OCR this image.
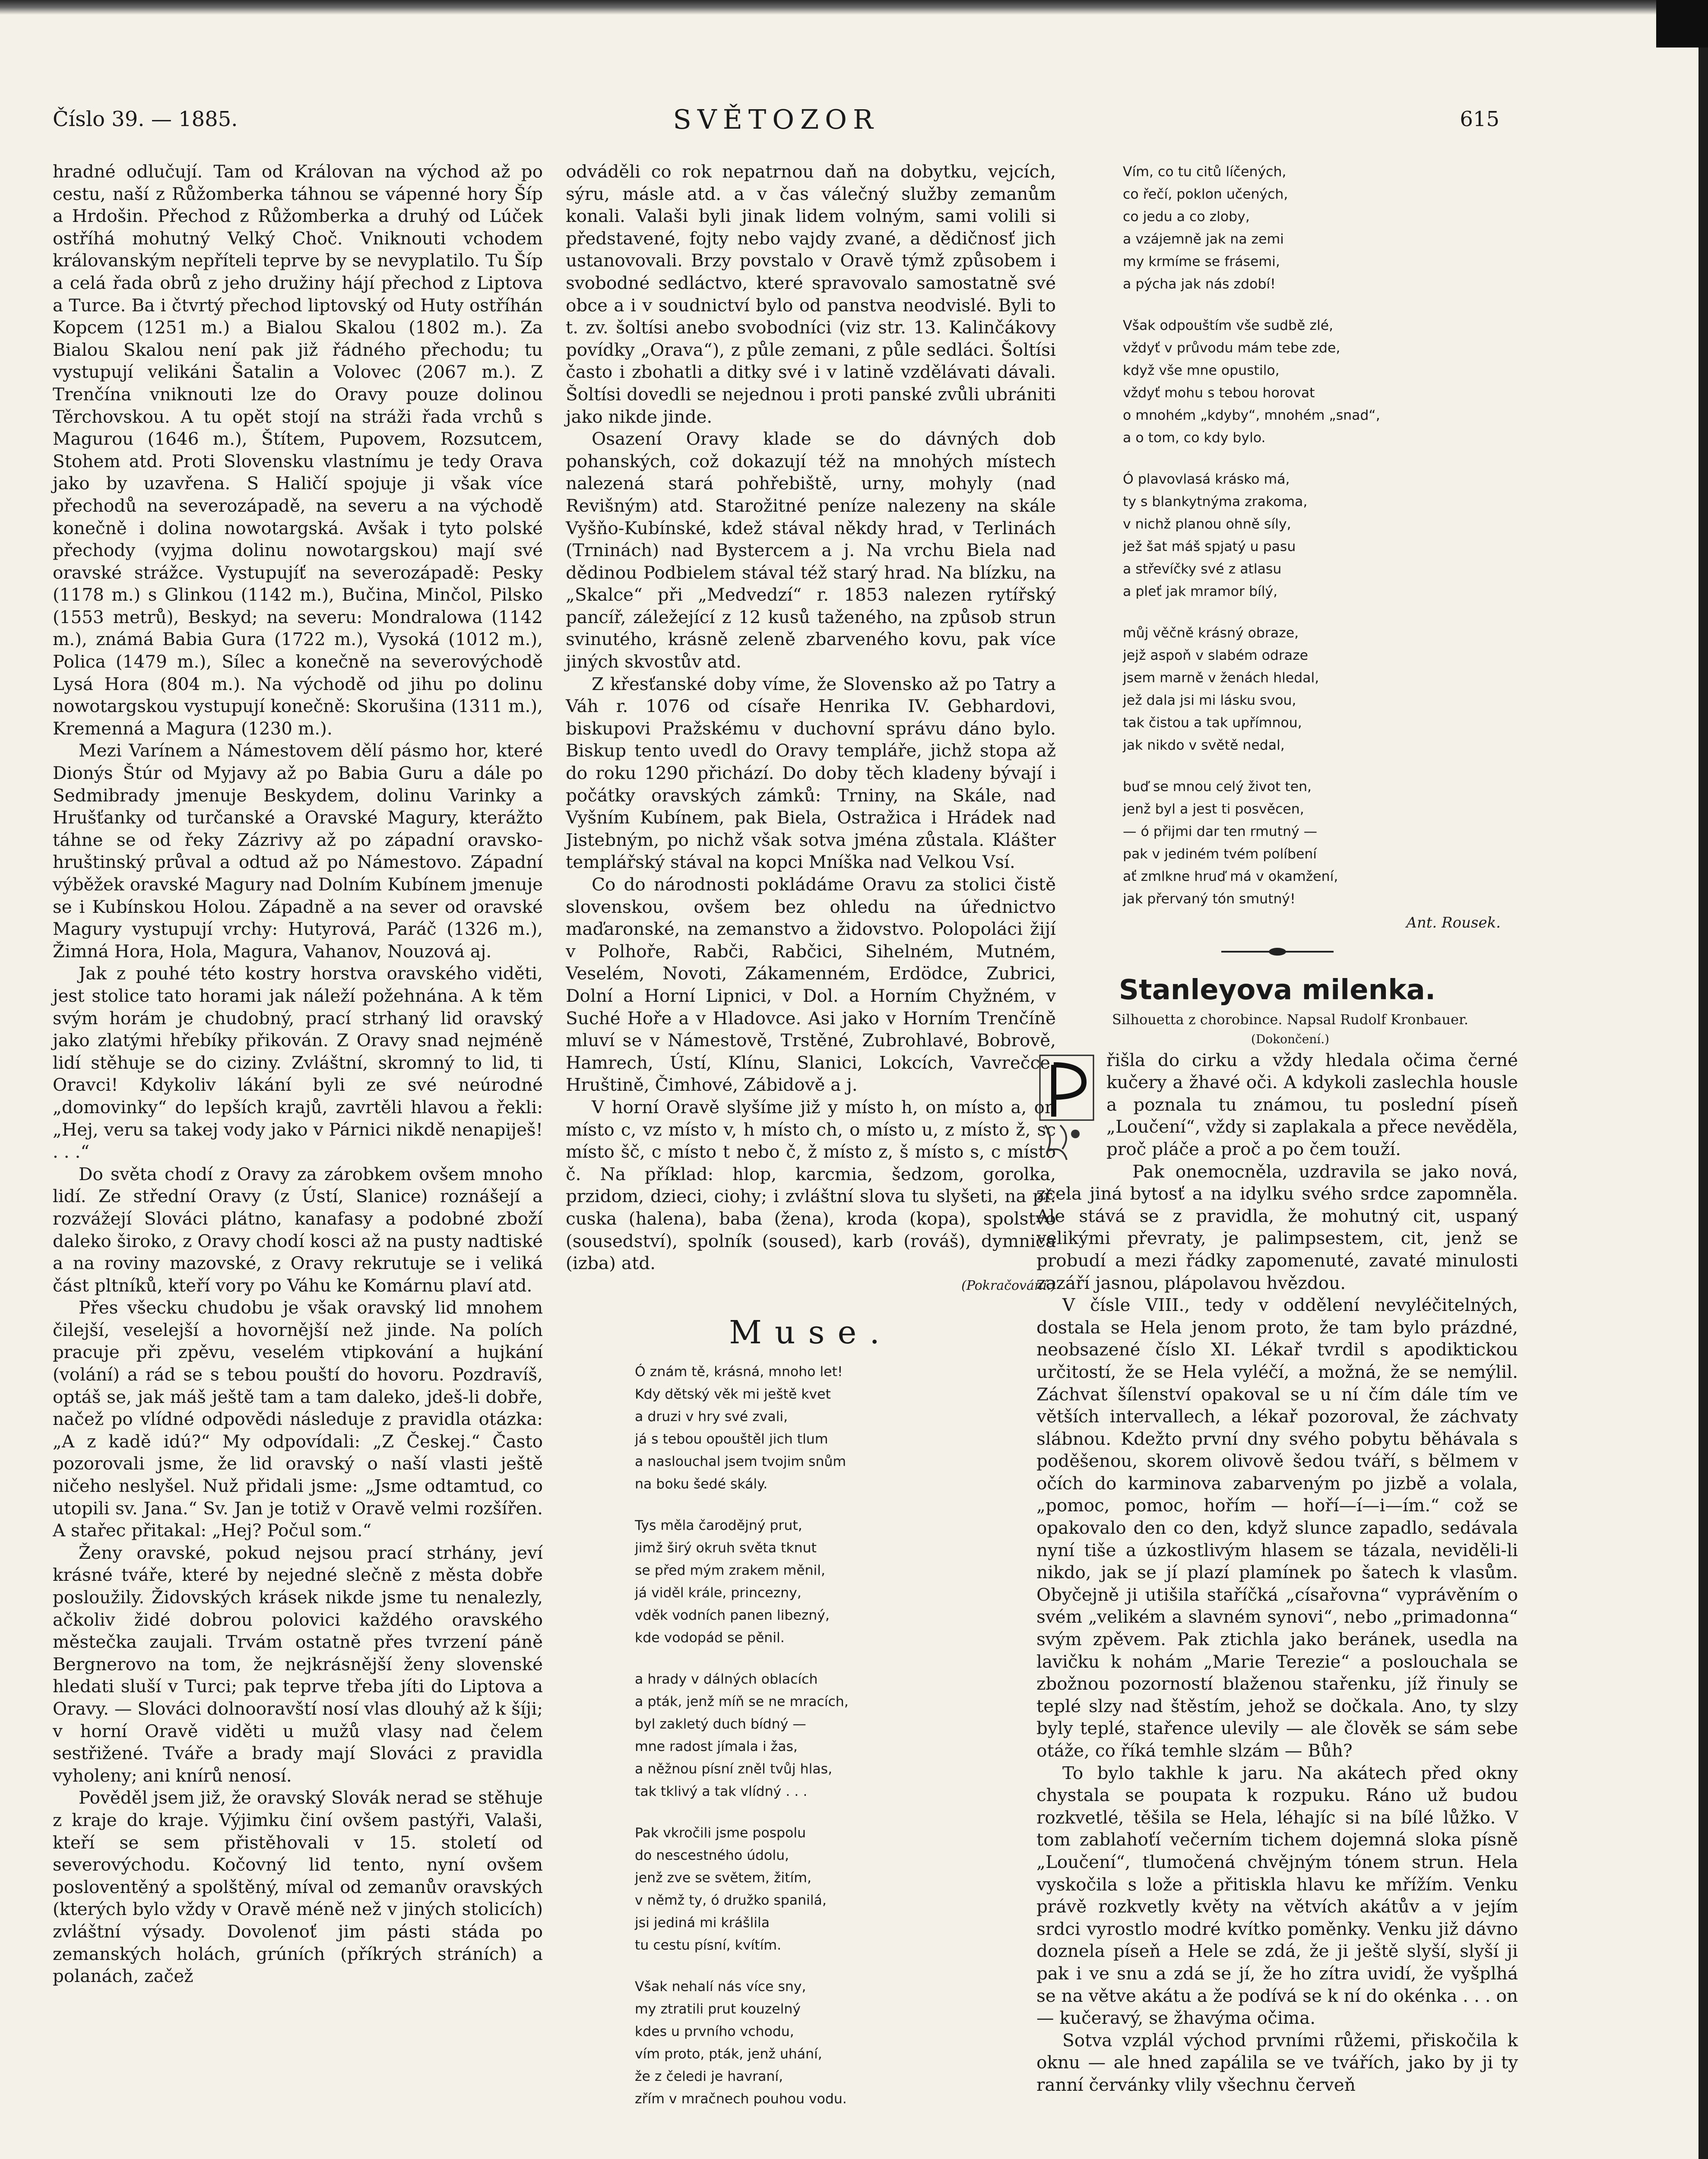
Číslo 39. — 1885.	SVĚTOZOR	615

hradné odlučují. Tam od Královan na východ až po cestu, naší z Růžomberka táhnou se vápenné hory Šíp a Hrdošin. Přechod z Růžomberka a druhý od Lúček ostříhá mohutný Velký Choč. Vniknouti vchodem královanským nepříteli teprve by se nevyplatilo. Tu Šíp a celá řada obrů z jeho družiny hájí přechod z Liptova a Turce. Ba i čtvrtý přechod liptovský od Huty ostříhán Kopcem (1251 m.) a Bialou Skalou (1802 m.). Za Bialou Skalou není pak již řádného přechodu; tu vystupují velikáni Šatalin a Volovec (2067 m.). Z Trenčína vniknouti lze do Oravy pouze dolinou Těrchovskou. A tu opět stojí na stráži řada vrchů s Magurou (1646 m.), Štítem, Pupovem, Rozsutcem, Stohem atd. Proti Slovensku vlastnímu je tedy Orava jako by uzavřena. S Haličí spojuje ji však více přechodů na severozápadě, na severu a na východě konečně i dolina nowotargská. Avšak i tyto polské přechody (vyjma dolinu nowotargskou) mají své oravské strážce. Vystupujíť na severozápadě: Pesky (1178 m.) s Glinkou (1142 m.), Bučina, Minčol, Pilsko (1553 metrů), Beskyd; na severu: Mondralowa (1142 m.), známá Babia Gura (1722 m.), Vysoká (1012 m.), Polica (1479 m.), Sílec a konečně na severovýchodě Lysá Hora (804 m.). Na východě od jihu po dolinu nowotargskou vystupují konečně: Skorušina (1311 m.), Kremenná a Magura (1230 m.).

Mezi Varínem a Námestovem dělí pásmo hor, které Dionýs Štúr od Myjavy až po Babia Guru a dále po Sedmibrady jmenuje Beskydem, dolinu Varinky a Hrušťanky od turčanské a Oravské Magury, kterážto táhne se od řeky Zázrivy až po západní oravsko-hruštinský průval a odtud až po Námestovo. Západní výběžek oravské Magury nad Dolním Kubínem jmenuje se i Kubínskou Holou. Západně a na sever od oravské Magury vystupují vrchy: Hutyrová, Paráč (1326 m.), Žimná Hora, Hola, Magura, Vahanov, Nouzová aj.

Jak z pouhé této kostry horstva oravského viděti, jest stolice tato horami jak náleží požehnána. A k těm svým horám je chudobný, prací strhaný lid oravský jako zlatými hřebíky přikován. Z Oravy snad nejméně lidí stěhuje se do ciziny. Zvláštní, skromný to lid, ti Oravci! Kdykoliv lákání byli ze své neúrodné „domovinky“ do lepších krajů, zavrtěli hlavou a řekli: „Hej, veru sa takej vody jako v Párnici nikdě nenapiješ! . . .“

Do světa chodí z Oravy za zárobkem ovšem mnoho lidí. Ze střední Oravy (z Ústí, Slanice) roznášejí a rozvážejí Slováci plátno, kanafasy a podobné zboží daleko široko, z Oravy chodí kosci až na pusty nadtiské a na roviny mazovské, z Oravy rekrutuje se i veliká část pltníků, kteří vory po Váhu ke Komárnu plaví atd.

Přes všecku chudobu je však oravský lid mnohem čilejší, veselejší a hovornější než jinde. Na polích pracuje při zpěvu, veselém vtipkování a hujkání (volání) a rád se s tebou pouští do hovoru. Pozdravíš, optáš se, jak máš ještě tam a tam daleko, jdeš-li dobře, načež po vlídné odpovědi následuje z pravidla otázka: „A z kadě idú?“ My odpovídali: „Z Českej.“ Často pozorovali jsme, že lid oravský o naší vlasti ještě ničeho neslyšel. Nuž přidali jsme: „Jsme odtamtud, co utopili sv. Jana.“ Sv. Jan je totiž v Oravě velmi rozšířen. A stařec přitakal: „Hej? Počul som.“

Ženy oravské, pokud nejsou prací strhány, jeví krásné tváře, které by nejedné slečně z města dobře posloužily. Židovských krásek nikde jsme tu nenalezly, ačkoliv židé dobrou polovici každého oravského městečka zaujali. Trvám ostatně přes tvrzení páně Bergnerovo na tom, že nejkrásnější ženy slovenské hledati sluší v Turci; pak teprve třeba jíti do Liptova a Oravy. — Slováci dolnooravští nosí vlas dlouhý až k šíji; v horní Oravě viděti u mužů vlasy nad čelem sestřižené. Tváře a brady mají Slováci z pravidla vyholeny; ani knírů nenosí.

Pověděl jsem již, že oravský Slovák nerad se stěhuje z kraje do kraje. Výjimku činí ovšem pastýři, Valaši, kteří se sem přistěhovali v 15. století od severovýchodu. Kočovný lid tento, nyní ovšem posloventěný a spolštěný, míval od zemanův oravských (kterých bylo vždy v Oravě méně než v jiných stolicích) zvláštní výsady. Dovolenoť jim pásti stáda po zemanských holách, grúních (příkrých stráních) a polanách, začež

odváděli co rok nepatrnou daň na dobytku, vejcích, sýru, másle atd. a v čas válečný služby zemanům konali. Valaši byli jinak lidem volným, sami volili si představené, fojty nebo vajdy zvané, a dědičnosť jich ustanovovali. Brzy povstalo v Oravě týmž způsobem i svobodné sedláctvo, které spravovalo samostatně své obce a i v soudnictví bylo od panstva neodvislé. Byli to t. zv. šoltísi anebo svobodníci (viz str. 13. Kalinčákovy povídky „Orava“), z půle zemani, z půle sedláci. Šoltísi často i zbohatli a ditky své i v latině vzdělávati dávali. Šoltísi dovedli se nejednou i proti panské zvůli ubrániti jako nikde jinde.

Osazení Oravy klade se do dávných dob pohanských, což dokazují též na mnohých místech nalezená stará pohřebiště, urny, mohyly (nad Revišným) atd. Starožitné peníze nalezeny na skále Vyšňo-Kubínské, kdež stával někdy hrad, v Terlinách (Trninách) nad Bystercem a j. Na vrchu Biela nad dědinou Podbielem stával též starý hrad. Na blízku, na „Skalce“ při „Medvedzí“ r. 1853 nalezen rytířský pancíř, záležející z 12 kusů taženého, na způsob strun svinutého, krásně zeleně zbarveného kovu, pak více jiných skvostův atd.

Z křesťanské doby víme, že Slovensko až po Tatry a Váh r. 1076 od císaře Henrika IV. Gebhardovi, biskupovi Pražskému v duchovní správu dáno bylo. Biskup tento uvedl do Oravy templáře, jichž stopa až do roku 1290 přichází. Do doby těch kladeny bývají i počátky oravských zámků: Trniny, na Skále, nad Vyšním Kubínem, pak Biela, Ostražica i Hrádek nad Jistebným, po nichž však sotva jména zůstala. Klášter templářský stával na kopci Mníška nad Velkou Vsí.

Co do národnosti pokládáme Oravu za stolici čistě slovenskou, ovšem bez ohledu na úřednictvo maďaronské, na zemanstvo a židovstvo. Polopoláci žijí v Polhoře, Rabči, Rabčici, Sihelném, Mutném, Veselém, Novoti, Zákamenném, Erdödce, Zubrici, Dolní a Horní Lipnici, v Dol. a Horním Chyžném, v Suché Hoře a v Hladovce. Asi jako v Horním Trenčíně mluví se v Námestově, Trstěné, Zubrohlavé, Bobrově, Hamrech, Ústí, Klínu, Slanici, Lokcích, Vavrečce, Hruštině, Čimhové, Zábidově a j.

V horní Oravě slyšíme již y místo h, on místo a, on místo c, vz místo v, h místo ch, o místo u, z místo ž, sc místo šč, c místo t nebo č, ž místo z, š místo s, c místo č. Na příklad: hlop, karcmia, šedzom, gorolka, przidom, dzieci, ciohy; i zvláštní slova tu slyšeti, na př. cuska (halena), baba (žena), kroda (kopa), spolstvo (sousedství), spolník (soused), karb (rováš), dymnica (izba) atd.

(Pokračování.)

Muse.
Ó znám tě, krásná, mnoho let!
Kdy dětský věk mi ještě kvet
a druzi v hry své zvali,
já s tebou opouštěl jich tlum
a naslouchal jsem tvojim snům
na boku šedé skály.
Tys měla čarodějný prut,
jimž širý okruh světa tknut
se před mým zrakem měnil,
já viděl krále, princezny,
vděk vodních panen libezný,
kde vodopád se pěnil.
a hrady v dálných oblacích
a pták, jenž míň se ne mracích,
byl zakletý duch bídný —
mne radost jímala i žas,
a něžnou písní zněl tvůj hlas,
tak tklivý a tak vlídný . . .
Pak vkročili jsme pospolu
do nescestného údolu,
jenž zve se světem, žitím,
v němž ty, ó družko spanilá,
jsi jediná mi krášlila
tu cestu písní, kvítím.
Však nehalí nás více sny,
my ztratili prut kouzelný
kdes u prvního vchodu,
vím proto, pták, jenž uhání,
že z čeledi je havraní,
zřím v mračnech pouhou vodu.
Vím, co tu citů líčených,
co řečí, poklon učených,
co jedu a co zloby,
a vzájemně jak na zemi
my krmíme se frásemi,
a pýcha jak nás zdobí!
Však odpouštím vše sudbě zlé,
vždyť v průvodu mám tebe zde,
když vše mne opustilo,
vždyť mohu s tebou horovat
o mnohém „kdyby“, mnohém „snad“,
a o tom, co kdy bylo.
Ó plavovlasá krásko má,
ty s blankytnýma zrakoma,
v nichž planou ohně síly,
jež šat máš spjatý u pasu
a střevíčky své z atlasu
a pleť jak mramor bílý,
můj věčně krásný obraze,
jejž aspoň v slabém odraze
jsem marně v ženách hledal,
jež dala jsi mi lásku svou,
tak čistou a tak upřímnou,
jak nikdo v světě nedal,
buď se mnou celý život ten,
jenž byl a jest ti posvěcen,
— ó přijmi dar ten rmutný —
pak v jediném tvém políbení
ať zmlkne hruď má v okamžení,
jak přervaný tón smutný!
Ant. Rousek.
Stanleyova milenka.

Silhouetta z chorobince. Napsal Rudolf Kronbauer.

(Dokončení.)

řišla do cirku a vždy hledala očima černé kučery a žhavé oči. A kdykoli zaslechla housle a poznala tu známou, tu poslední píseň „Loučení“, vždy si zaplakala a přece nevěděla, proč pláče a proč a po čem touží.

Pak onemocněla, uzdravila se jako nová, zcela jiná bytosť a na idylku svého srdce zapomněla. Ale stává se z pravidla, že mohutný cit, uspaný velikými převraty, je palimpsestem, cit, jenž se probudí a mezi řádky zapomenuté, zavaté minulosti zazáří jasnou, plápolavou hvězdou.

V čísle VIII., tedy v oddělení nevyléčitelných, dostala se Hela jenom proto, že tam bylo prázdné, neobsazené číslo XI. Lékař tvrdil s apodiktickou určitostí, že se Hela vyléčí, a možná, že se nemýlil. Záchvat šílenství opakoval se u ní čím dále tím ve větších intervallech, a lékař pozoroval, že záchvaty slábnou. Kdežto první dny svého pobytu běhávala s poděšenou, skorem olivově šedou tváří, s bělmem v očích do karminova zabarveným po jizbě a volala, „pomoc, pomoc, hořím — hoří—í—i—ím.“ což se opakovalo den co den, když slunce zapadlo, sedávala nyní tiše a úzkostlivým hlasem se tázala, neviděli-li nikdo, jak se jí plazí plamínek po šatech k vlasům. Obyčejně ji utišila staříčká „císařovna“ vyprávěním o svém „velikém a slavném synovi“, nebo „primadonna“ svým zpěvem. Pak ztichla jako beránek, usedla na lavičku k nohám „Marie Terezie“ a poslouchala se zbožnou pozorností blaženou stařenku, jíž řinuly se teplé slzy nad štěstím, jehož se dočkala. Ano, ty slzy byly teplé, stařence ulevily — ale člověk se sám sebe otáže, co říká temhle slzám — Bůh?

To bylo takhle k jaru. Na akátech před okny chystala se poupata k rozpuku. Ráno už budou rozkvetlé, těšila se Hela, léhajíc si na bílé lůžko. V tom zablahoťí večerním tichem dojemná sloka písně „Loučení“, tlumočená chvějným tónem strun. Hela vyskočila s lože a přitiskla hlavu ke mřížím. Venku právě rozkvetly květy na větvích akátův a v jejím srdci vyrostlo modré kvítko poměnky. Venku již dávno doznela píseň a Hele se zdá, že ji ještě slyší, slyší ji pak i ve snu a zdá se jí, že ho zítra uvidí, že vyšplhá se na větve akátu a že podívá se k ní do okénka . . . on — kučeravý, se žhavýma očima.

Sotva vzplál východ prvními růžemi, přiskočila k oknu — ale hned zapálila se ve tvářích, jako by ji ty ranní červánky vlily všechnu červeň
